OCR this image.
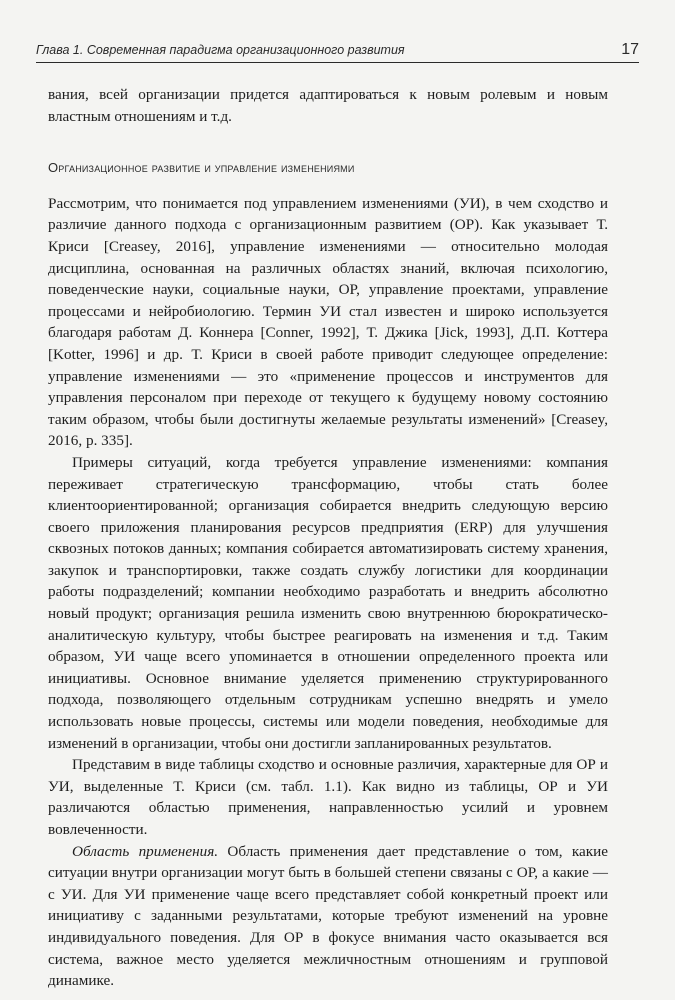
Глава 1. Современная парадигма организационного развития	17

вания, всей организации придется адаптироваться к новым ролевым и новым властным отношениям и т.д.

Организационное развитие и управление изменениями

Рассмотрим, что понимается под управлением изменениями (УИ), в чем сходство и различие данного подхода с организационным развитием (ОР). Как указывает Т. Криси [Creasey, 2016], управление изменениями — относительно молодая дисциплина, основанная на различных областях знаний, включая психологию, поведенческие науки, социальные науки, ОР, управление проектами, управление процессами и нейробиологию. Термин УИ стал известен и широко используется благодаря работам Д. Коннера [Conner, 1992], Т. Джика [Jick, 1993], Д.П. Коттера [Kotter, 1996] и др. Т. Криси в своей работе приводит следующее определение: управление изменениями — это «применение процессов и инструментов для управления персоналом при переходе от текущего к будущему новому состоянию таким образом, чтобы были достигнуты желаемые результаты изменений» [Creasey, 2016, p. 335].

Примеры ситуаций, когда требуется управление изменениями: компания переживает стратегическую трансформацию, чтобы стать более клиентоориентированной; организация собирается внедрить следующую версию своего приложения планирования ресурсов предприятия (ERP) для улучшения сквозных потоков данных; компания собирается автоматизировать систему хранения, закупок и транспортировки, также создать службу логистики для координации работы подразделений; компании необходимо разработать и внедрить абсолютно новый продукт; организация решила изменить свою внутреннюю бюрократическо-аналитическую культуру, чтобы быстрее реагировать на изменения и т.д. Таким образом, УИ чаще всего упоминается в отношении определенного проекта или инициативы. Основное внимание уделяется применению структурированного подхода, позволяющего отдельным сотрудникам успешно внедрять и умело использовать новые процессы, системы или модели поведения, необходимые для изменений в организации, чтобы они достигли запланированных результатов.

Представим в виде таблицы сходство и основные различия, характерные для ОР и УИ, выделенные Т. Криси (см. табл. 1.1). Как видно из таблицы, ОР и УИ различаются областью применения, направленностью усилий и уровнем вовлеченности.

Область применения. Область применения дает представление о том, какие ситуации внутри организации могут быть в большей степени связаны с ОР, а какие — с УИ. Для УИ применение чаще всего представляет собой конкретный проект или инициативу с заданными результатами, которые требуют изменений на уровне индивидуального поведения. Для ОР в фокусе внимания часто оказывается вся система, важное место уделяется межличностным отношениям и групповой динамике.
